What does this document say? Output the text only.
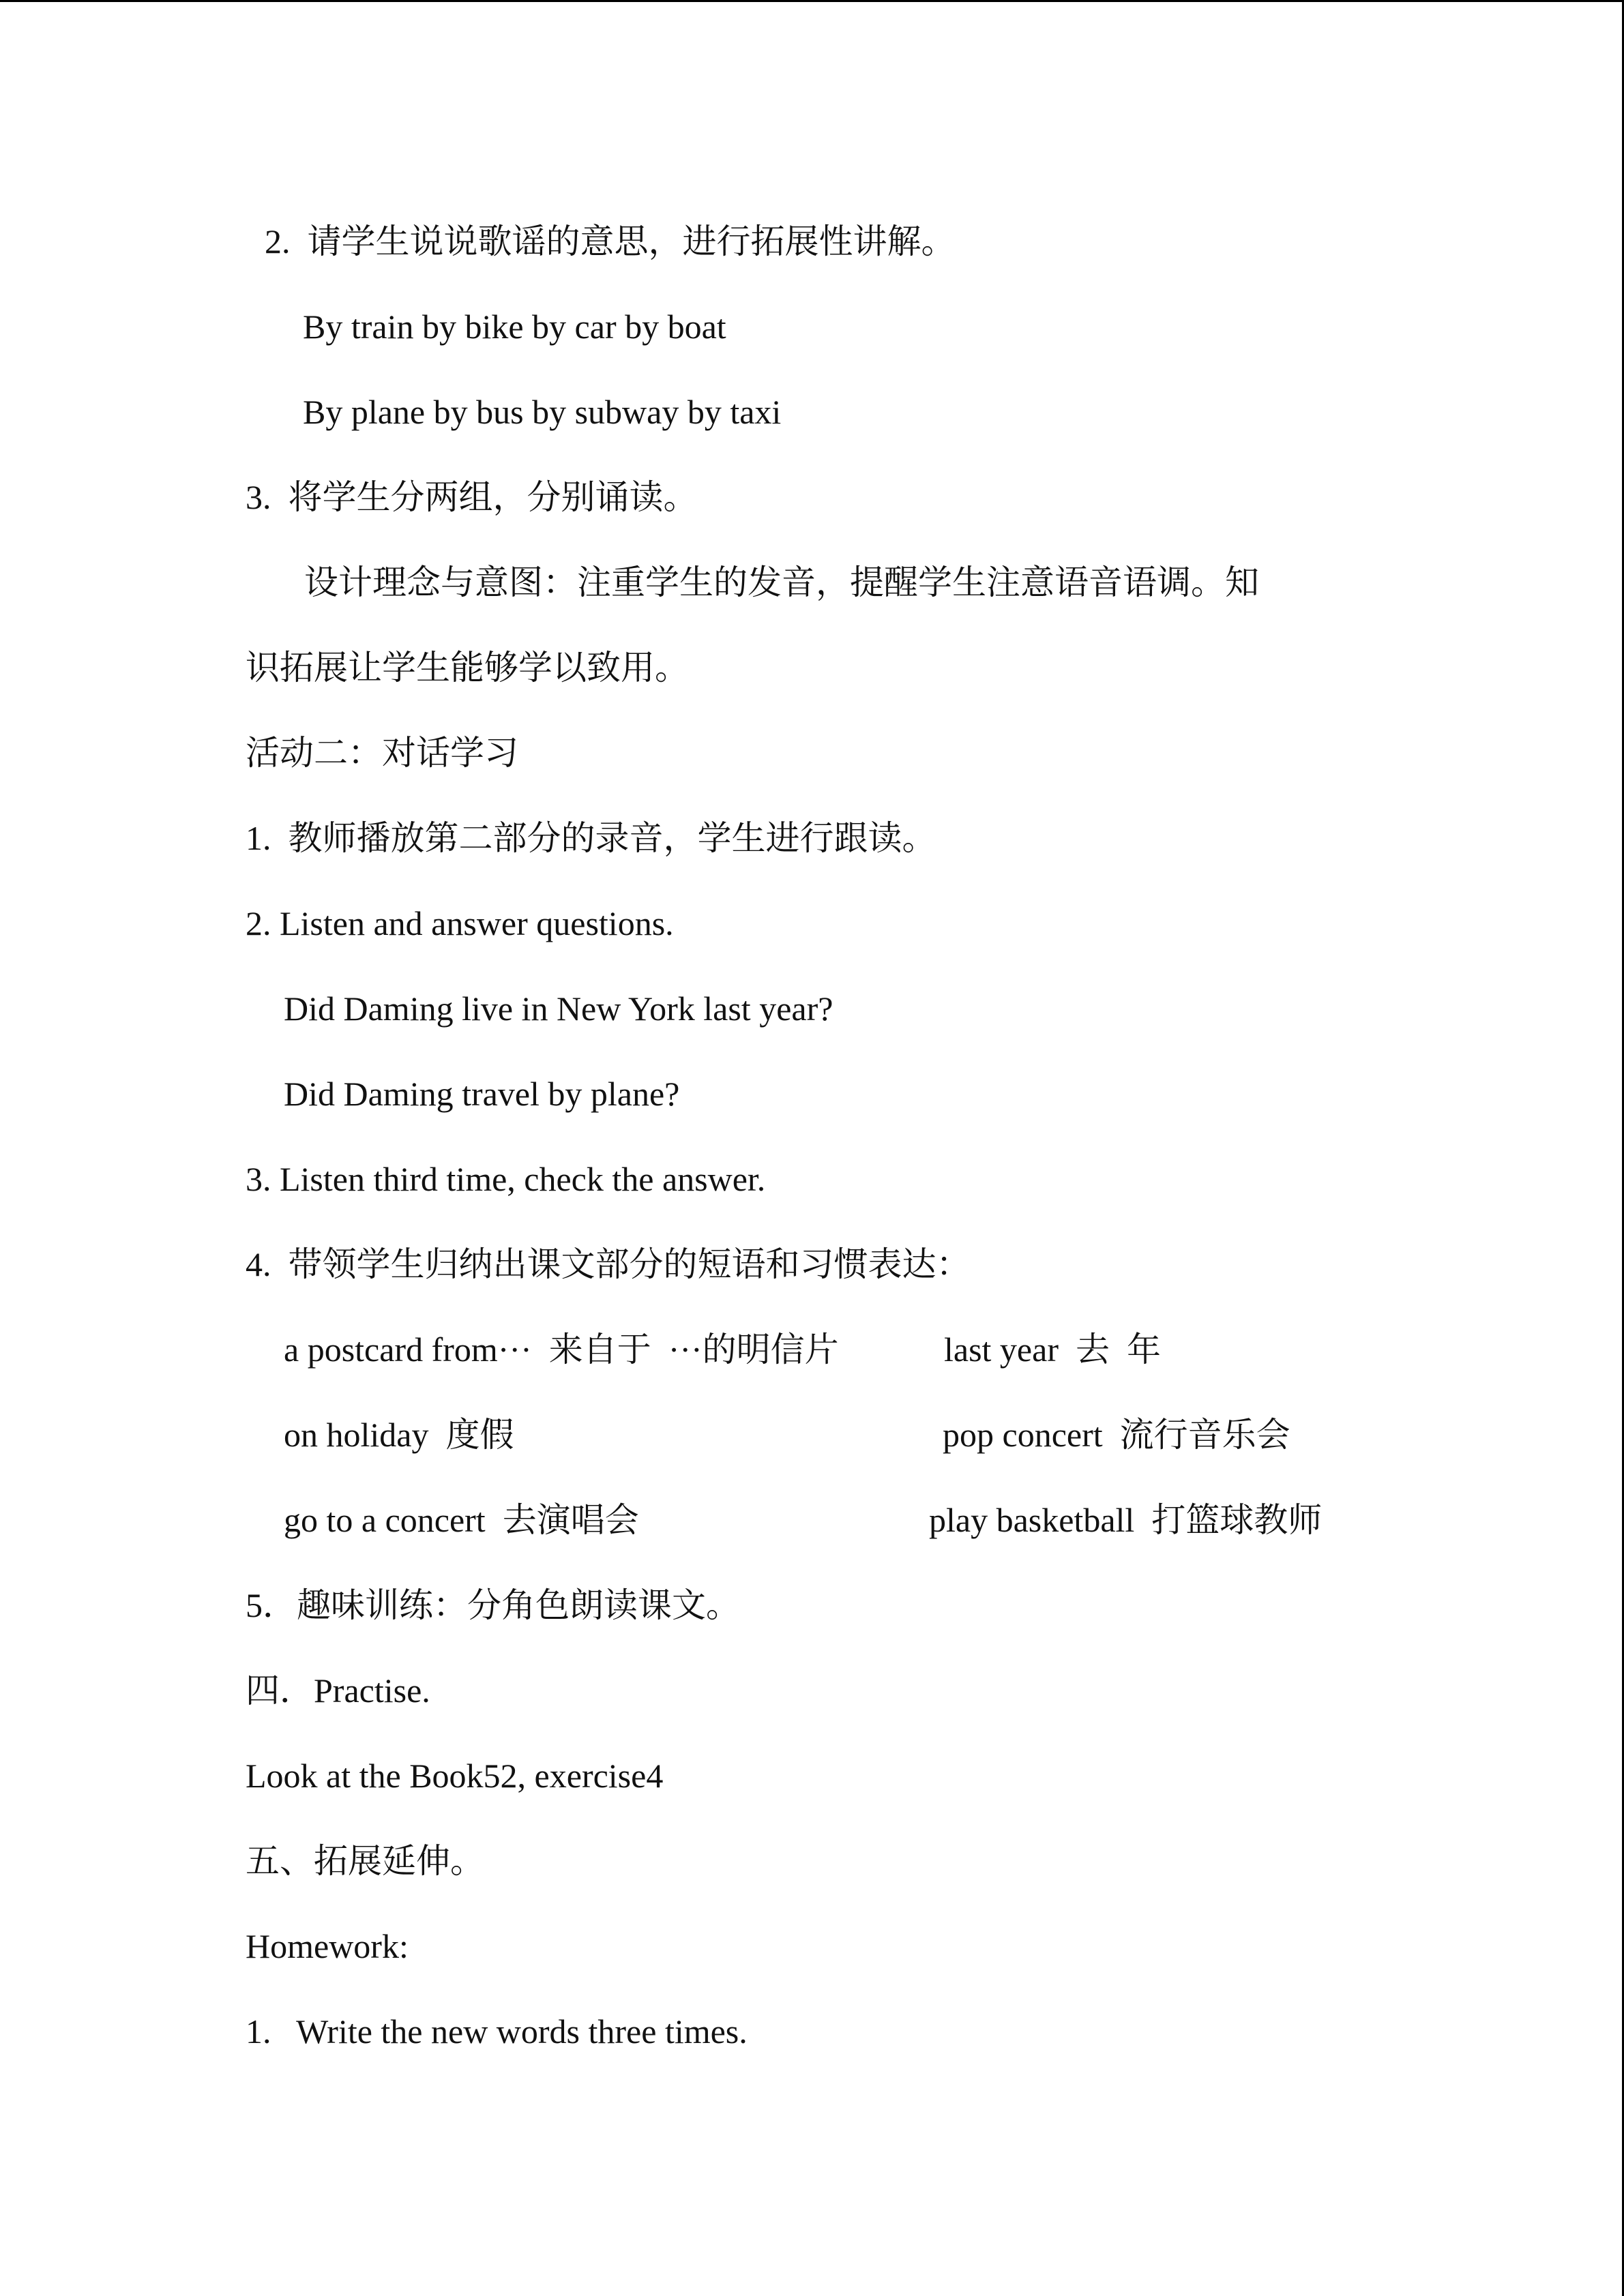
2.  请学生说说歌谣的意思，进行拓展性讲解。
By train by bike by car by boat
By plane by bus by subway by taxi
3.  将学生分两组，分别诵读。
设计理念与意图：注重学生的发音，提醒学生注意语音语调。知
识拓展让学生能够学以致用。
活动二：对话学习
1.  教师播放第二部分的录音，学生进行跟读。
2. Listen and answer questions.
Did Daming live in New York last year?
Did Daming travel by plane?
3. Listen third time, check the answer.
4.  带领学生归纳出课文部分的短语和习惯表达：
a postcard from···  来自于  ···的明信片	last year  去  年
on holiday  度假	pop concert  流行音乐会
go to a concert  去演唱会	play basketball  打篮球教师
5．趣味训练：分角色朗读课文。
四．Practise.
Look at the Book52, exercise4
五、拓展延伸。
Homework:
1.   Write the new words three times.
